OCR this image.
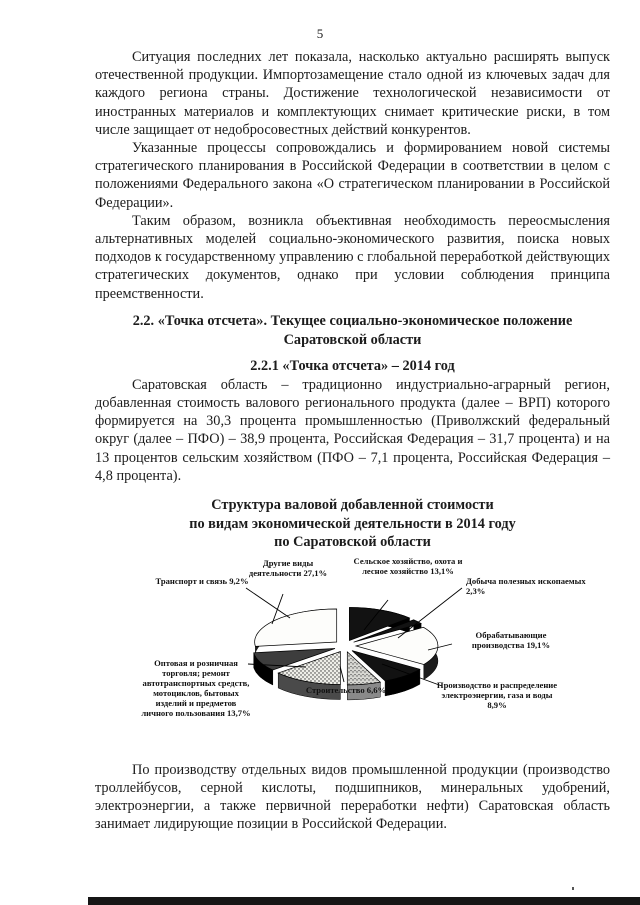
5

Ситуация последних лет показала, насколько актуально расширять выпуск отечественной продукции. Импортозамещение стало одной из ключевых задач для каждого региона страны. Достижение технологической независимости от иностранных материалов и комплектующих снимает критические риски, в том числе защищает от недобросовестных действий конкурентов.

Указанные процессы сопровождались и формированием новой системы стратегического планирования в Российской Федерации в соответствии в целом с положениями Федерального закона «О стратегическом планировании в Российской Федерации».

Таким образом, возникла объективная необходимость переосмысления альтернативных моделей социально-экономического развития, поиска новых подходов к государственному управлению с глобальной переработкой действующих стратегических документов, однако при условии соблюдения принципа преемственности.

2.2. «Точка отсчета». Текущее социально-экономическое положение
Саратовской области

2.2.1 «Точка отсчета» – 2014 год

Саратовская область – традиционно индустриально-аграрный регион, добавленная стоимость валового регионального продукта (далее – ВРП) которого формируется на 30,3 процента промышленностью (Приволжский федеральный округ (далее – ПФО) – 38,9 процента, Российская Федерация – 31,7 процента) и на 13 процентов сельским хозяйством (ПФО – 7,1 процента, Российская Федерация – 4,8 процента).

Структура валовой добавленной стоимости
по видам экономической деятельности в 2014 году
по Саратовской области

Транспорт и связь 9,2%
Другие виды деятельности 27,1%
Сельское хозяйство, охота и лесное хозяйство 13,1%
Добыча полезных ископаемых 2,3%
Обрабатывающие производства 19,1%
Производство и распределение электроэнергии, газа и воды 8,9%
Строительство 6,6%
Оптовая и розничная торговля; ремонт автотранспортных средств, мотоциклов, бытовых изделий и предметов личного пользования 13,7%

По производству отдельных видов промышленной продукции (производство троллейбусов, серной кислоты, подшипников, минеральных удобрений, электроэнергии, а также первичной переработки нефти) Саратовская область занимает лидирующие позиции в Российской Федерации.
